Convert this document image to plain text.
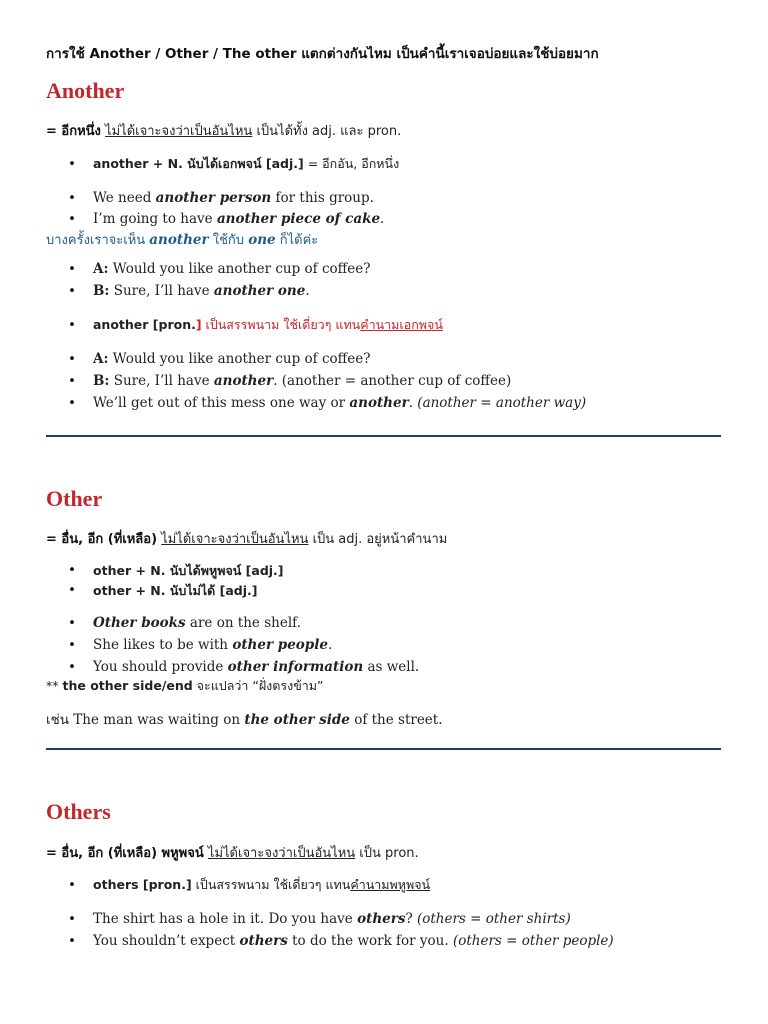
การใช้ Another / Other / The other แตกต่างกันไหม เป็นคำนี้เราเจอบ่อยและใช้บ่อยมาก
Another
= อีกหนึ่ง ไม่ได้เจาะจงว่าเป็นอันไหน เป็นได้ทั้ง adj. และ pron.
• another + N. นับได้เอกพจน์ [adj.] = อีกอัน, อีกหนึ่ง
• We need another person for this group.
• I’m going to have another piece of cake.
บางครั้งเราจะเห็น another ใช้กับ one ก็ได้ค่ะ
• A: Would you like another cup of coffee?
• B: Sure, I’ll have another one.
• another [pron.] เป็นสรรพนาม ใช้เดี่ยวๆ แทนคำนามเอกพจน์
• A: Would you like another cup of coffee?
• B: Sure, I’ll have another. (another = another cup of coffee)
• We’ll get out of this mess one way or another. (another = another way)
Other
= อื่น, อีก (ที่เหลือ) ไม่ได้เจาะจงว่าเป็นอันไหน เป็น adj. อยู่หน้าคำนาม
• other + N. นับได้พหูพจน์ [adj.]
• other + N. นับไม่ได้ [adj.]
• Other books are on the shelf.
• She likes to be with other people.
• You should provide other information as well.
** the other side/end จะแปลว่า “ฝั่งตรงข้าม”
เช่น The man was waiting on the other side of the street.
Others
= อื่น, อีก (ที่เหลือ) พหูพจน์ ไม่ได้เจาะจงว่าเป็นอันไหน เป็น pron.
• others [pron.] เป็นสรรพนาม ใช้เดี่ยวๆ แทนคำนามพหูพจน์
• The shirt has a hole in it. Do you have others? (others = other shirts)
• You shouldn’t expect others to do the work for you. (others = other people)
